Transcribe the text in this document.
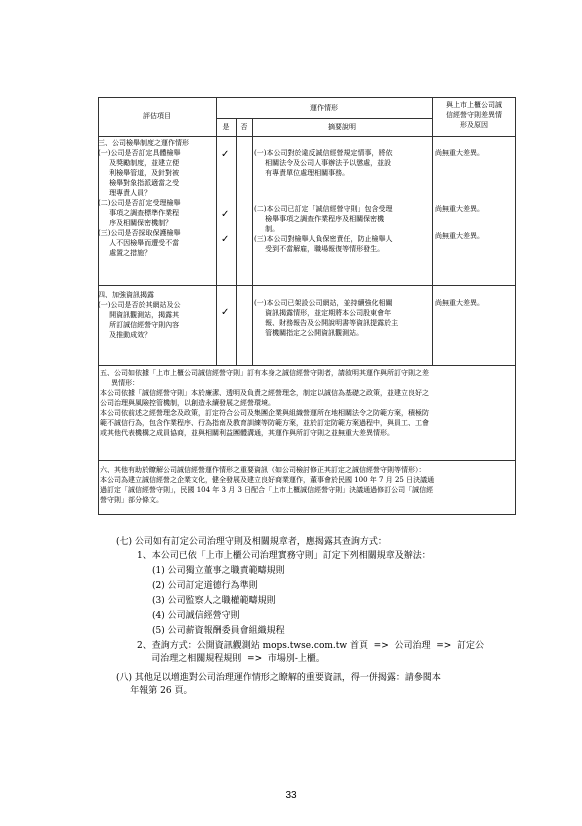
評估項目
運作情形
是	否	摘要說明
與上市上櫃公司誠
信經營守則差異情
形及原因
三、公司檢舉制度之運作情形
(一)公司是否訂定具體檢舉
及獎勵制度，並建立便
利檢舉管道，及針對被
檢舉對象指派適當之受
理專責人員？
(二)公司是否訂定受理檢舉
事項之調查標準作業程
序及相關保密機制？
(三)公司是否採取保護檢舉
人不因檢舉而遭受不當
處置之措施？
✓
✓
✓
(一)本公司對於違反誠信經營規定情事，將依
相關法令及公司人事辦法予以懲處，並設
有專責單位處理相關事務。
(二)本公司已訂定「誠信經營守則」包含受理
檢舉事項之調查作業程序及相關保密機
制。
(三)本公司對檢舉人負保密責任，防止檢舉人
受到不當解雇，職場報復等情形發生。
尚無重大差異。
尚無重大差異。
尚無重大差異。
四、加強資訊揭露
(一)公司是否於其網站及公
開資訊觀測站，揭露其
所訂誠信經營守則內容
及推動成效？
✓
(一)本公司已架設公司網站，並持續強化相關
資訊揭露情形，並定期將本公司股東會年
報、財務報告及公開說明書等資訊提露於主
管機關指定之公開資訊觀測站。
尚無重大差異。
五、公司如依據「上市上櫃公司誠信經營守則」訂有本身之誠信經營守則者，請敘明其運作與所訂守則之差
異情形：
本公司依據「誠信經營守則」本於廉潔、透明及負責之經營理念，制定以誠信為基礎之政策，並建立良好之
公司治理與風險控管機制，以創造永續發展之經營環境。
本公司依前述之經營理念及政策，訂定符合公司及集團企業與組織營運所在地相關法令之防範方案，積極防
範不誠信行為，包含作業程序、行為指南及教育訓練等防範方案，並於訂定防範方案過程中，與員工、工會
或其他代表機構之成員協商，並與相關利益團體溝通，其運作與所訂守則之並無重大差異情形。
六、其他有助於瞭解公司誠信經營運作情形之重要資訊（如公司檢討修正其訂定之誠信經營守則等情形）：
本公司為建立誠信經營之企業文化，健全發展及建立良好商業運作，董事會於民國 100 年 7 月 25 日決議通
過訂定「誠信經營守則」，民國 104 年 3 月 3 日配合「上市上櫃誠信經營守則」決議通過修訂公司「誠信經
營守則」部分條文。
(七) 公司如有訂定公司治理守則及相關規章者，應揭露其查詢方式：
1、本公司已依「上市上櫃公司治理實務守則」訂定下列相關規章及辦法：
(1) 公司獨立董事之職責範疇規則
(2) 公司訂定道德行為準則
(3) 公司監察人之職權範疇規則
(4) 公司誠信經營守則
(5) 公司薪資報酬委員會組織規程
2、查詢方式：公開資訊觀測站 mops.twse.com.tw 首頁  =>  公司治理  =>  訂定公
司治理之相關規程規則  =>  市場別-上櫃。
(八) 其他足以增進對公司治理運作情形之瞭解的重要資訊，得一併揭露：請參閱本
年報第 26 頁。
33
